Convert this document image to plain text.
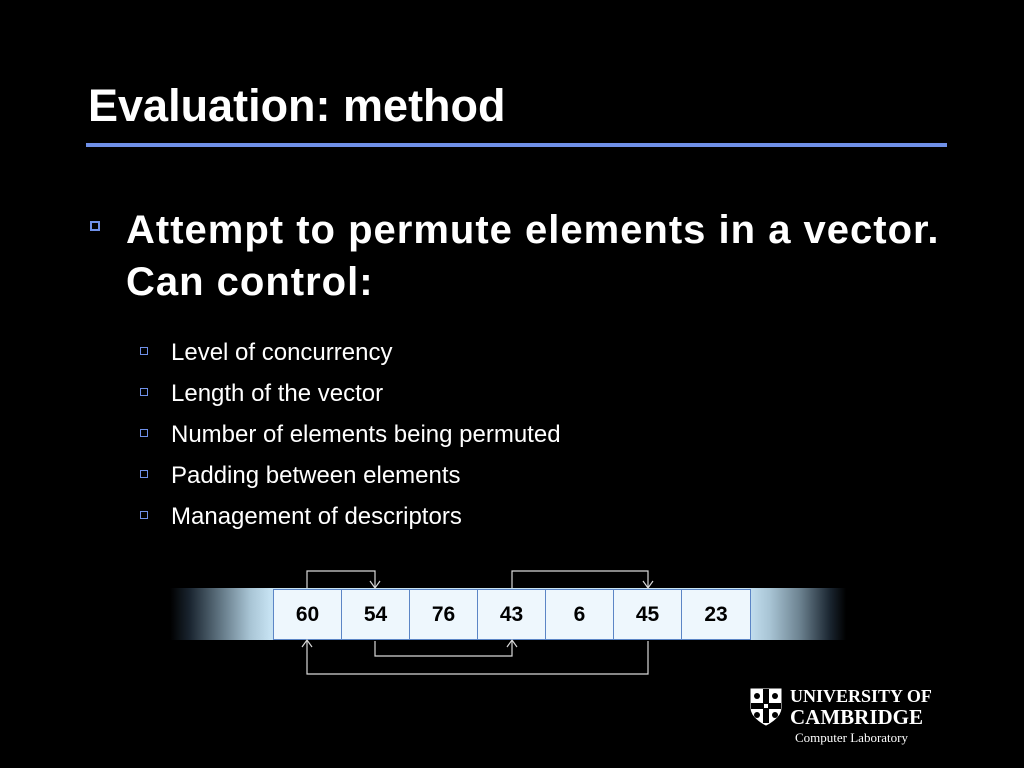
Evaluation: method

Attempt to permute elements in a vector. Can control:

Level of concurrency
Length of the vector
Number of elements being permuted
Padding between elements
Management of descriptors
60	54	76	43	6	45	23
UNIVERSITY OF
CAMBRIDGE
Computer Laboratory
